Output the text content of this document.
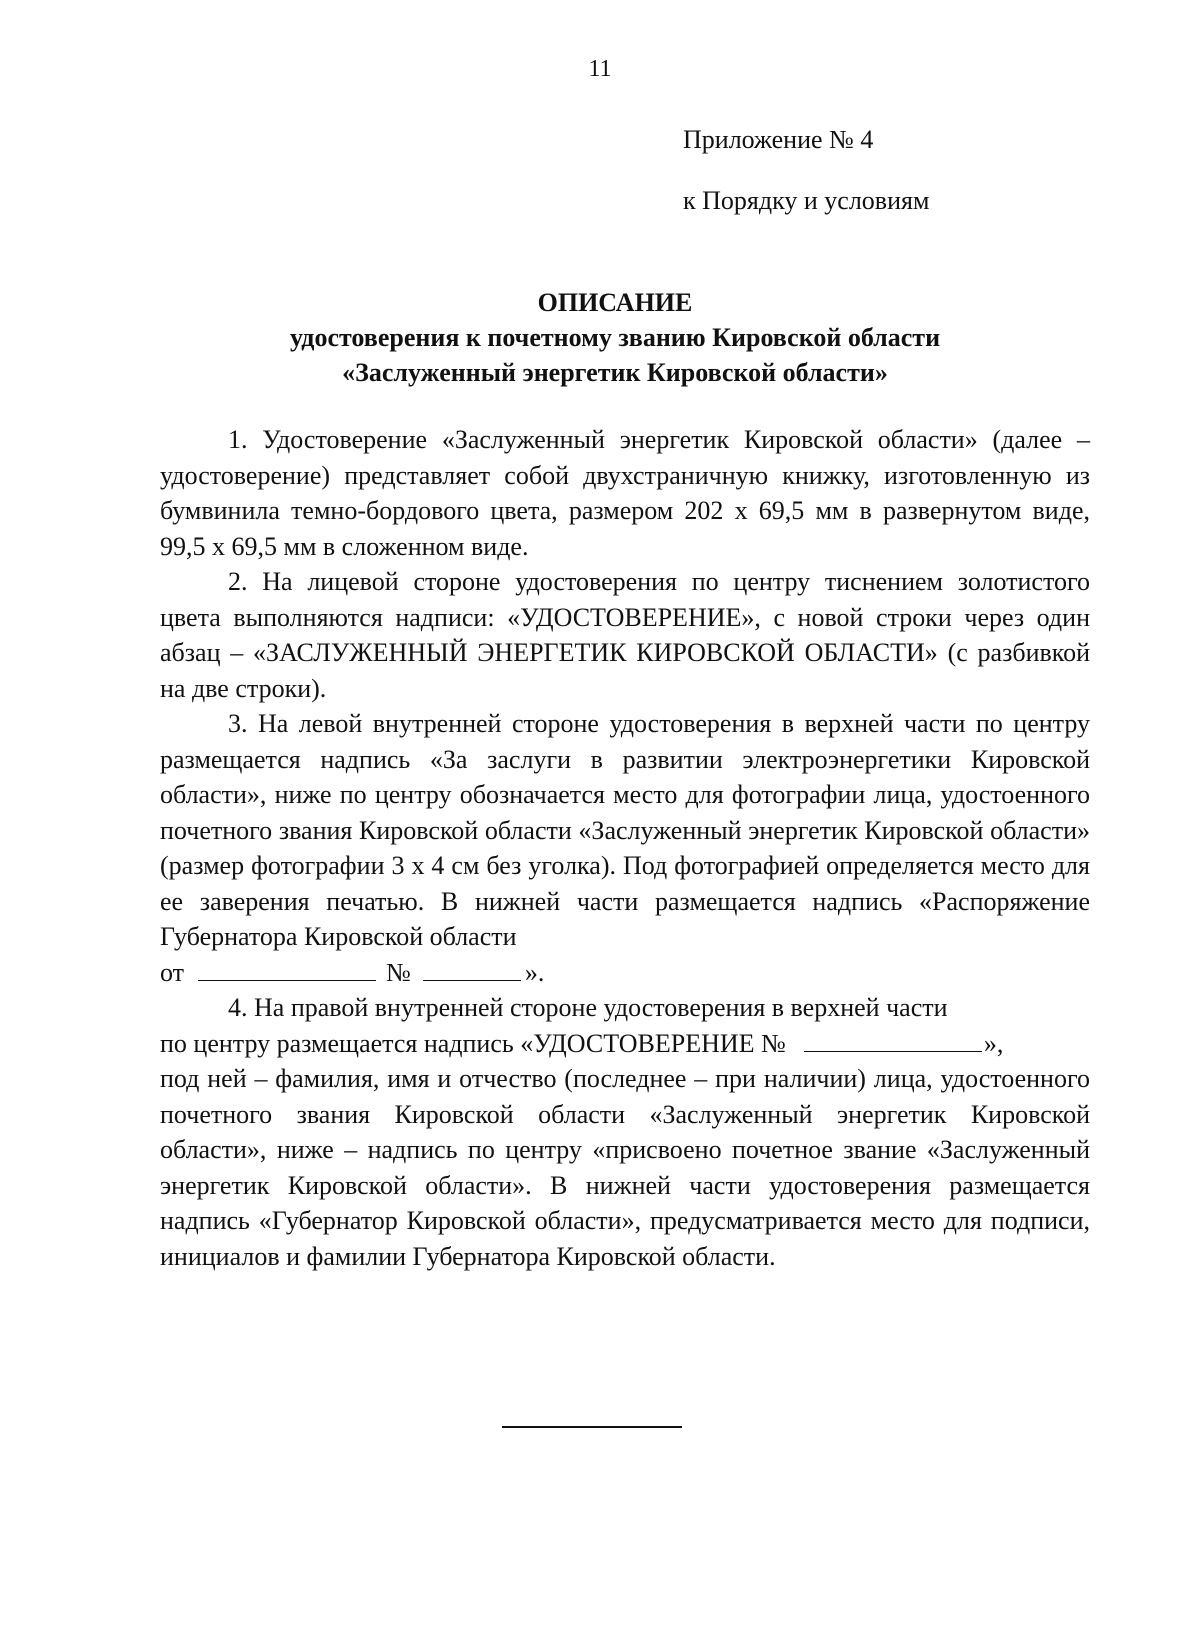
11
Приложение № 4
к Порядку и условиям
ОПИСАНИЕ
удостоверения к почетному званию Кировской области
«Заслуженный энергетик Кировской области»

1. Удостоверение «Заслуженный энергетик Кировской области» (далее – удостоверение) представляет собой двухстраничную книжку, изготовленную из бумвинила темно-бордового цвета, размером 202 х 69,5 мм в развернутом виде, 99,5 х 69,5 мм в сложенном виде.

2. На лицевой стороне удостоверения по центру тиснением золотистого цвета выполняются надписи: «УДОСТОВЕРЕНИЕ», с новой строки через один абзац – «ЗАСЛУЖЕННЫЙ ЭНЕРГЕТИК КИРОВСКОЙ ОБЛАСТИ» (с разбивкой на две строки).

3. На левой внутренней стороне удостоверения в верхней части по центру размещается надпись «За заслуги в развитии электроэнергетики Кировской области», ниже по центру обозначается место для фотографии лица, удостоенного почетного звания Кировской области «Заслуженный энергетик Кировской области» (размер фотографии 3 х 4 см без уголка). Под фотографией определяется место для ее заверения печатью. В нижней части размещается надпись «Распоряжение Губернатора Кировской области
от	№	».

4. На правой внутренней стороне удостоверения в верхней части

по центру размещается надпись «УДОСТОВЕРЕНИЕ №	»,

под ней – фамилия, имя и отчество (последнее – при наличии) лица, удостоенного почетного звания Кировской области «Заслуженный энергетик Кировской области», ниже – надпись по центру «присвоено почетное звание «Заслуженный энергетик Кировской области». В нижней части удостоверения размещается надпись «Губернатор Кировской области», предусматривается место для подписи, инициалов и фамилии Губернатора Кировской области.
